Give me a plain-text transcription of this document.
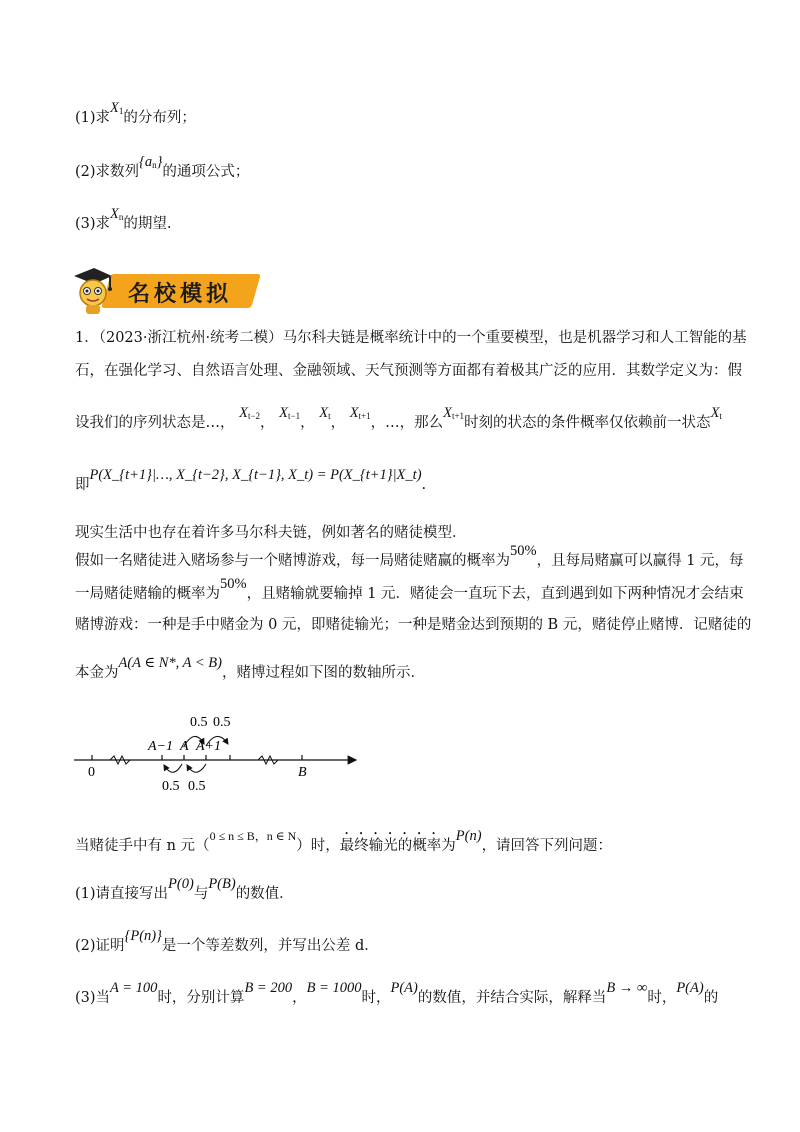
(1)求$X_1$的分布列；
(2)求数列$\{a_n\}$的通项公式；
(3)求$X_n$的期望.
名校模拟
1．（2023·浙江杭州·统考二模）马尔科夫链是概率统计中的一个重要模型，也是机器学习和人工智能的基
石，在强化学习、自然语言处理、金融领域、天气预测等方面都有着极其广泛的应用．其数学定义为：假
设我们的序列状态是…， $X_{t-2}$， $X_{t-1}$， $X_t$， $X_{t+1}$，…，那么$X_{t+1}$时刻的状态的条件概率仅依赖前一状态$X_t$
即P(X_{t+1}|…, X_{t−2}, X_{t−1}, X_t) = P(X_{t+1}|X_t).
现实生活中也存在着许多马尔科夫链，例如著名的赌徒模型．
假如一名赌徒进入赌场参与一个赌博游戏，每一局赌徒赌赢的概率为50%，且每局赌赢可以赢得 1 元，每
一局赌徒赌输的概率为50%，且赌输就要输掉 1 元．赌徒会一直玩下去，直到遇到如下两种情况才会结束
赌博游戏：一种是手中赌金为 0 元，即赌徒输光；一种是赌金达到预期的 B 元，赌徒停止赌博．记赌徒的
本金为A(A ∈ N*, A < B)，赌博过程如下图的数轴所示．
0.5 0.5
A−1 A A+1
0	B
0.5 0.5
当赌徒手中有 n 元（$^{0 \le n \le B,n \in N}$）时，最终输光的概率为P(n)，请回答下列问题：
(1)请直接写出P(0)与P(B)的数值．
(2)证明{P(n)}是一个等差数列，并写出公差 d．
(3)当A = 100时，分别计算B = 200，B = 1000时，P(A)的数值，并结合实际，解释当B → ∞时，P(A)的
